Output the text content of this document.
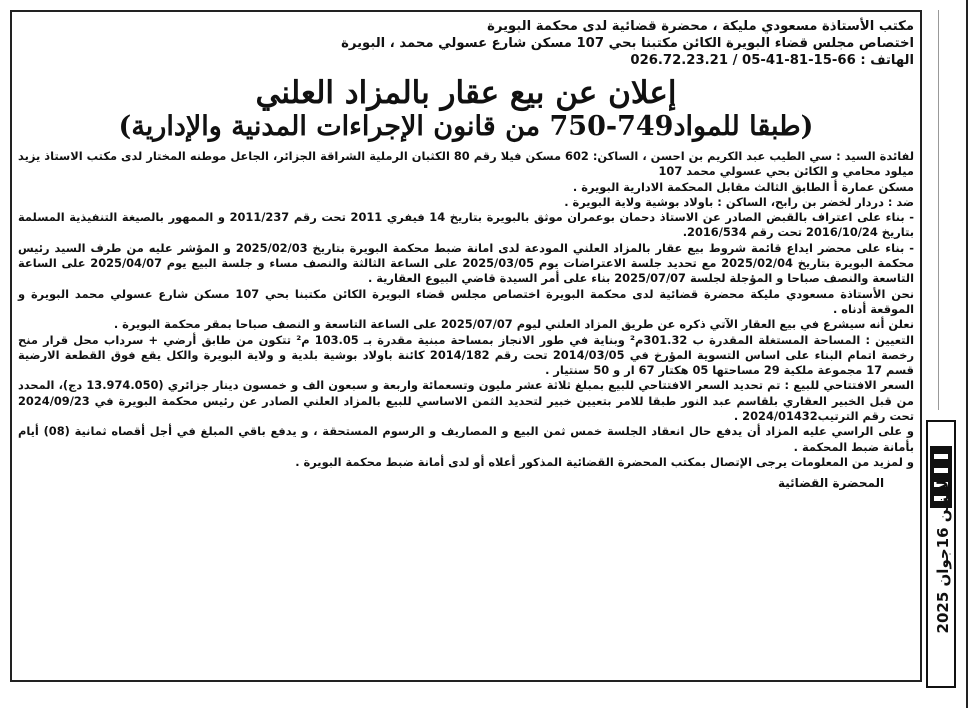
مكتب الأستاذة مسعودي مليكة ، محضرة قضائية لدى محكمة البويرة
اختصاص مجلس قضاء البويرة الكائن مكتبنا بحي 107 مسكن شارع عسولي محمد ، البويرة
الهاتف : 66-15-81-41-05 / 026.72.23.21
إعلان عن بيع عقار بالمزاد العلني
(طبقا للمواد749-750 من قانون الإجراءات المدنية والإدارية)

لفائدة السيد : سي الطيب عبد الكريم بن احسن ، الساكن: 602 مسكن فيلا رقم 80 الكثبان الرملية الشراقة الجزائر، الجاعل موطنه المختار لدى مكتب الاستاذ يزيد ميلود محامي و الكائن بحي عسولي محمد 107

مسكن عمارة أ الطابق الثالث مقابل المحكمة الادارية البويرة .

ضد : دردار لخضر بن رابح، الساكن : باولاد بوشية ولاية البويرة .

- بناء على اعتراف بالقبض الصادر عن الاستاذ دحمان بوعمران موثق بالبويرة بتاريخ 14 فيفري 2011 تحت رقم 2011/237 و الممهور بالصيغة التنفيذية المسلمة بتاريخ 2016/10/24 تحت رقم 2016/534.

- بناء على محضر ايداع قائمة شروط بيع عقار بالمزاد العلني المودعة لدى امانة ضبط محكمة البويرة بتاريخ 2025/02/03 و المؤشر عليه من طرف السيد رئيس محكمة البويرة بتاريخ 2025/02/04 مع تحديد جلسة الاعتراضات يوم 2025/03/05 على الساعة الثالثة والنصف مساء و جلسة البيع يوم 2025/04/07 على الساعة التاسعة والنصف صباحا و المؤجلة لجلسة 2025/07/07 بناء على أمر السيدة قاضي البيوع العقارية .

نحن الأستاذة مسعودي مليكة محضرة قضائية لدى محكمة البويرة اختصاص مجلس قضاء البويرة الكائن مكتبنا بحي 107 مسكن شارع عسولي محمد البويرة و الموقعة أدناه .

نعلن أنه سيشرع في بيع العقار الآتي ذكره عن طريق المزاد العلني ليوم 2025/07/07 على الساعة التاسعة و النصف صباحا بمقر محكمة البويرة .

التعيين : المساحة المستغلة المقدرة ب 301.32م² وبناية في طور الانجاز بمساحة مبنية مقدرة بـ 103.05 م² تتكون من طابق أرضي + سرداب محل قرار منح رخصة اتمام البناء على اساس التسوية المؤرخ في 2014/03/05 تحت رقم 2014/182 كائنة باولاد بوشية بلدية و ولاية البويرة والكل يقع فوق القطعة الارضية قسم 17 مجموعة ملكية 29 مساحتها 05 هكتار 67 ار و 50 سنتيار .

السعر الافتتاحي للبيع : تم تحديد السعر الافتتاحي للبيع بمبلغ ثلاثة عشر مليون وتسعمائة واربعة و سبعون الف و خمسون دينار جزائري (13.974.050 دج)، المحدد من قبل الخبير العقاري بلقاسم عبد النور طبقا للامر بتعيين خبير لتحديد الثمن الاساسي للبيع بالمزاد العلني الصادر عن رئيس محكمة البويرة في 2024/09/23 تحت رقم الترتيب2024/01432 .

و على الراسي عليه المزاد أن يدفع حال انعقاد الجلسة خمس ثمن البيع و المصاريف و الرسوم المستحقة ، و يدفع باقي المبلغ في أجل أقصاه ثمانية (08) أيام بأمانة ضبط المحكمة .

و لمزيد من المعلومات يرجى الإتصال بمكتب المحضرة القضائية المذكور أعلاه أو لدى أمانة ضبط محكمة البويرة .

المحضرة القضائية
الإثنين 16جوان 2025
